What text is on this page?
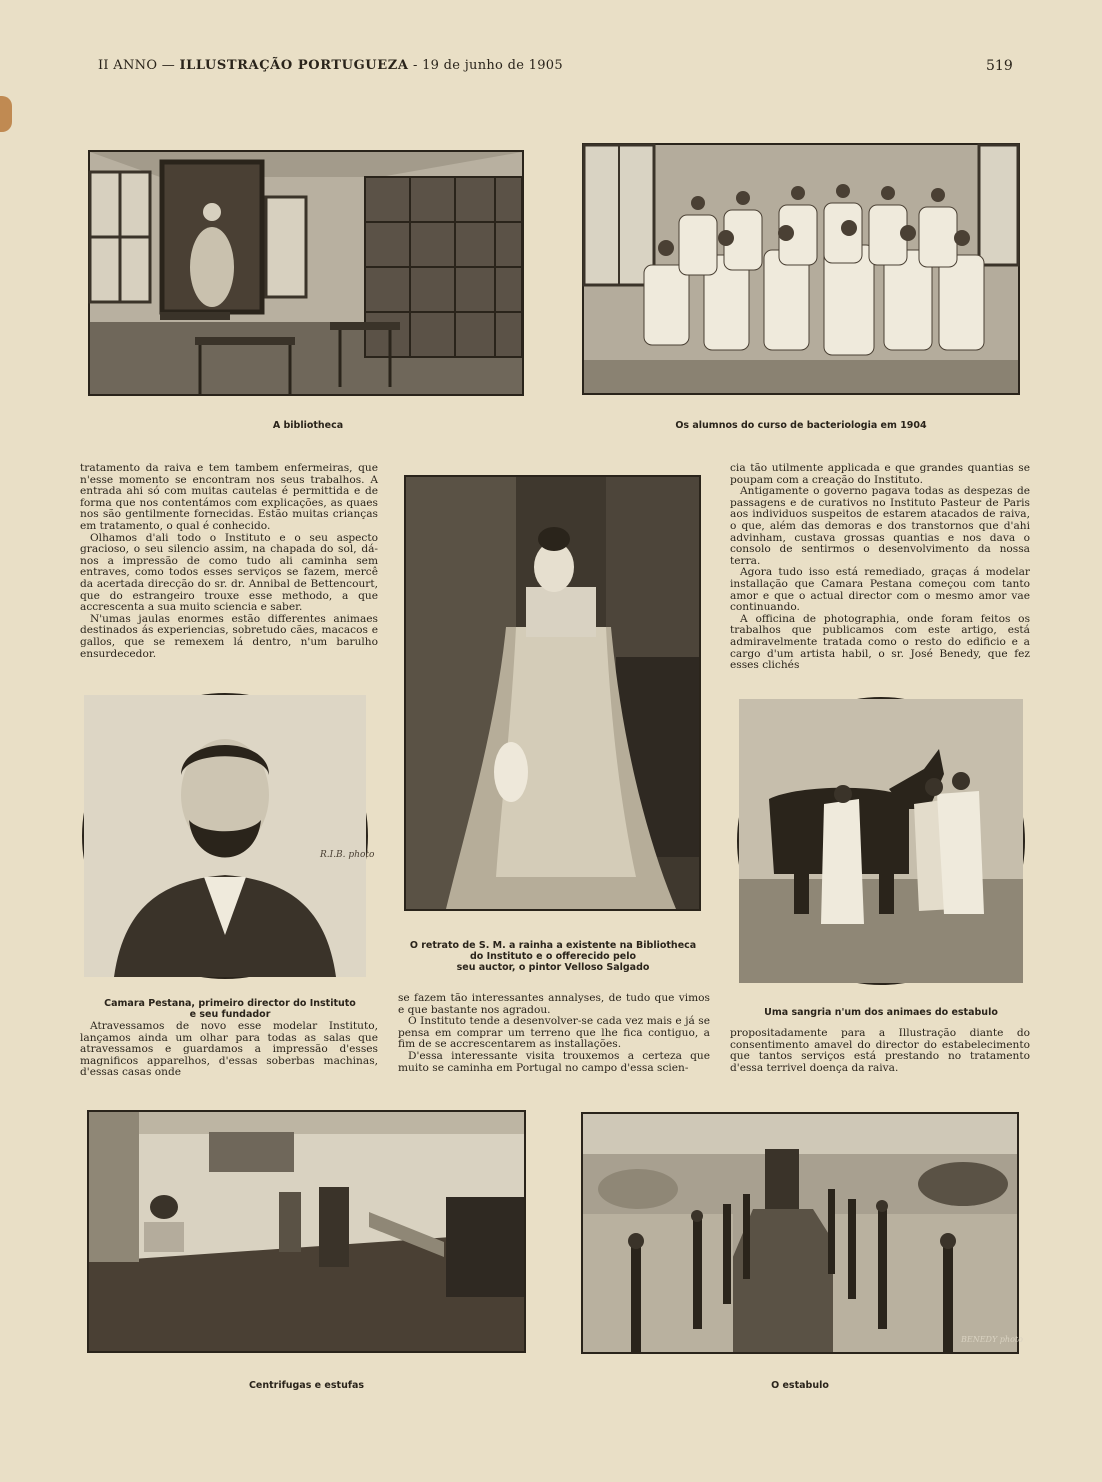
II ANNO — ILLUSTRAÇÃO PORTUGUEZA - 19 de junho de 1905	519
A bibliotheca	Os alumnos do curso de bacteriologia em 1904

tratamento da raiva e tem tambem enfermeiras, que n'esse momento se encontram nos seus trabalhos. A entrada ahi só com muitas cautelas é permittida e de forma que nos contentámos com explicações, as quaes nos são gentilmente fornecidas. Estão muitas crianças em tratamento, o qual é conhecido.

Olhamos d'ali todo o Instituto e o seu aspecto gracioso, o seu silencio assim, na chapada do sol, dá-nos a impressão de como tudo ali caminha sem entraves, como todos esses serviços se fazem, mercê da acertada direcção do sr. dr. Annibal de Bettencourt, que do estrangeiro trouxe esse methodo, a que accrescenta a sua muito sciencia e saber.

N'umas jaulas enormes estão differentes animaes destinados ás experiencias, sobretudo cães, macacos e gallos, que se remexem lá dentro, n'um barulho ensurdecedor.

O retrato de S. M. a rainha a existente na Bibliotheca
do Instituto e o offerecido pelo
seu auctor, o pintor Velloso Salgado

cia tão utilmente applicada e que grandes quantias se poupam com a creação do Instituto.

Antigamente o governo pagava todas as despezas de passagens e de curativos no Instituto Pasteur de Paris aos individuos suspeitos de estarem atacados de raiva, o que, além das demoras e dos transtornos que d'ahi advinham, custava grossas quantias e nos dava o consolo de sentirmos o desenvolvimento da nossa terra.

Agora tudo isso está remediado, graças á modelar installação que Camara Pestana começou com tanto amor e que o actual director com o mesmo amor vae continuando.

A officina de photographia, onde foram feitos os trabalhos que publicamos com este artigo, está admiravelmente tratada como o resto do edificio e a cargo d'um artista habil, o sr. José Benedy, que fez esses clichés

R.I.B. photo
Camara Pestana, primeiro director do Instituto
e seu fundador	Uma sangria n'um dos animaes do estabulo

Atravessamos de novo esse modelar Instituto, lançamos ainda um olhar para todas as salas que atravessamos e guardamos a impressão d'esses magnificos apparelhos, d'essas soberbas machinas, d'essas casas onde

se fazem tão interessantes annalyses, de tudo que vimos e que bastante nos agradou.

O Instituto tende a desenvolver-se cada vez mais e já se pensa em comprar um terreno que lhe fica contiguo, a fim de se accrescentarem as installações.

D'essa interessante visita trouxemos a certeza que muito se caminha em Portugal no campo d'essa scien-

propositadamente para a Illustração diante do consentimento amavel do director do estabelecimento que tantos serviços está prestando no tratamento d'essa terrivel doença da raiva.

Centrifugas e estufas
BENEDY photo
O estabulo
